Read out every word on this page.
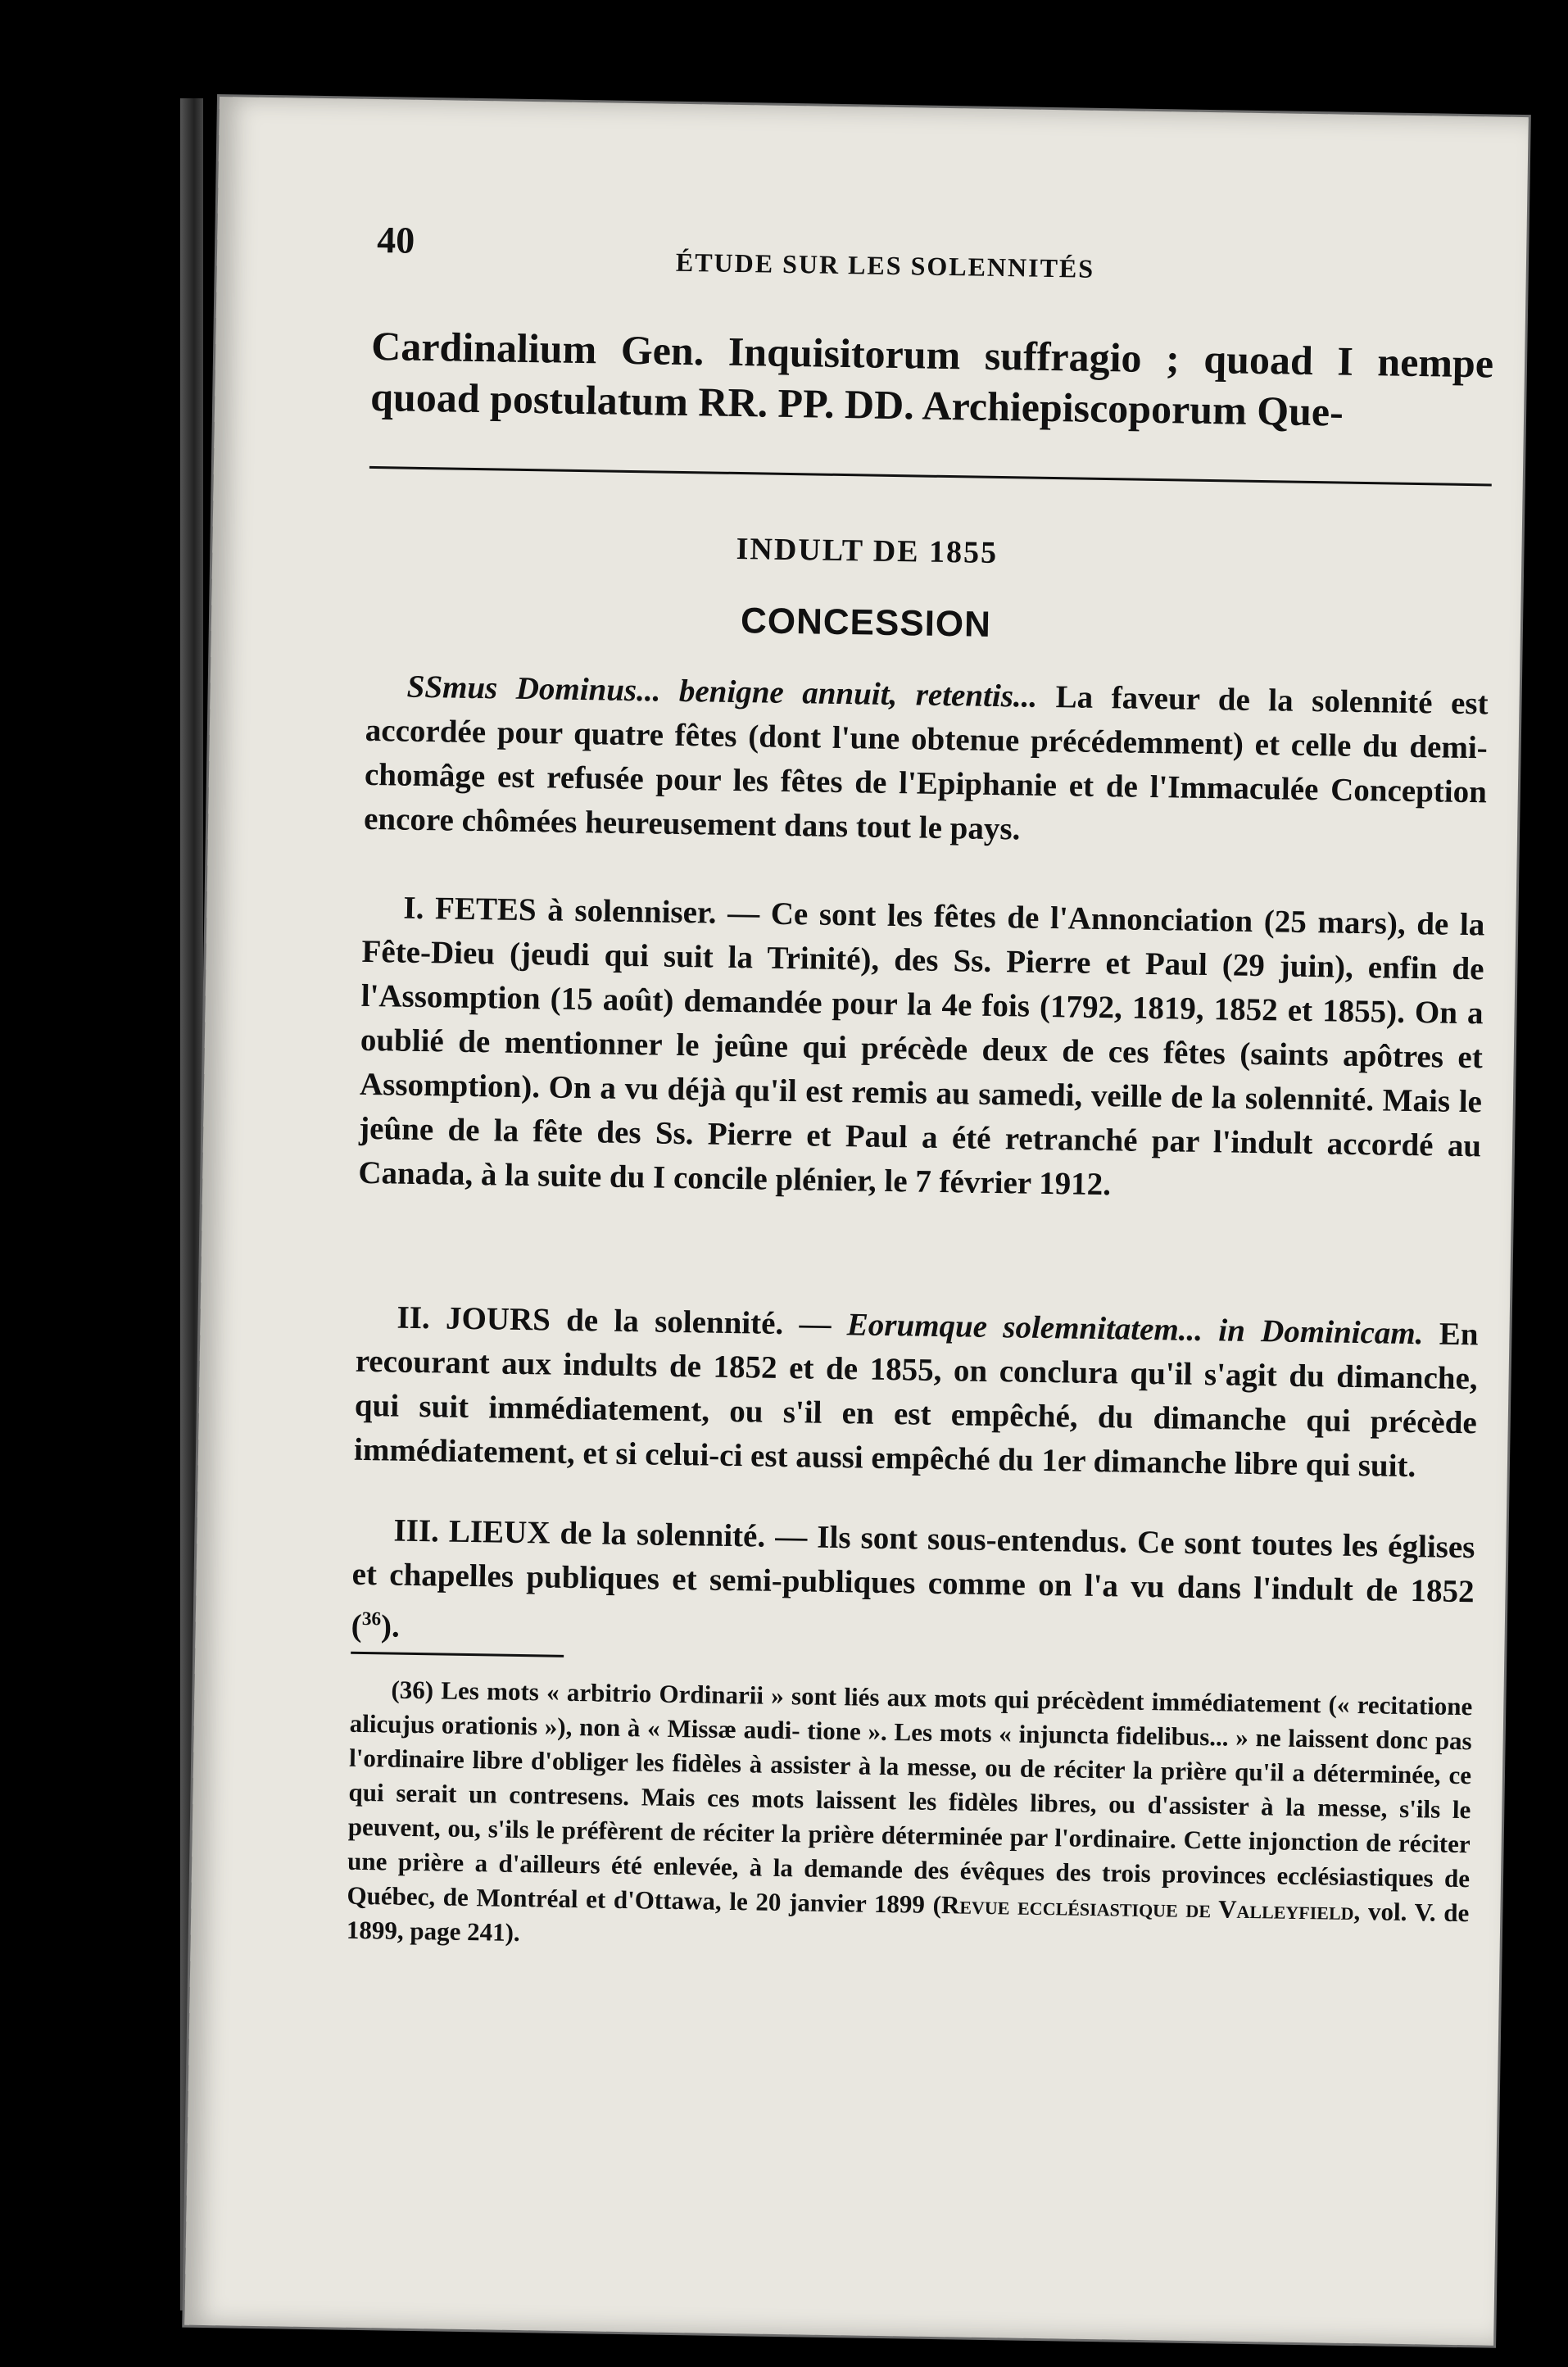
40
ÉTUDE SUR LES SOLENNITÉS
Cardinalium Gen. Inquisitorum suffragio ; quoad I nempe quoad postulatum RR. PP. DD. Archiepiscoporum Que-
INDULT DE 1855
CONCESSION

SSmus Dominus... benigne annuit, retentis... La faveur de la solennité est accordée pour quatre fêtes (dont l'une obtenue précédemment) et celle du demi-chomâge est refusée pour les fêtes de l'Epiphanie et de l'Immaculée Conception encore chômées heureusement dans tout le pays.

I. FETES à solenniser. — Ce sont les fêtes de l'Annonciation (25 mars), de la Fête-Dieu (jeudi qui suit la Trinité), des Ss. Pierre et Paul (29 juin), enfin de l'Assomption (15 août) demandée pour la 4e fois (1792, 1819, 1852 et 1855). On a oublié de mentionner le jeûne qui précède deux de ces fêtes (saints apôtres et Assomption). On a vu déjà qu'il est remis au samedi, veille de la solennité. Mais le jeûne de la fête des Ss. Pierre et Paul a été retranché par l'indult accordé au Canada, à la suite du I concile plénier, le 7 février 1912.

II. JOURS de la solennité. — Eorumque solemnitatem... in Dominicam. En recourant aux indults de 1852 et de 1855, on conclura qu'il s'agit du dimanche, qui suit immédiatement, ou s'il en est empêché, du dimanche qui précède immédiatement, et si celui-ci est aussi empêché du 1er dimanche libre qui suit.

III. LIEUX de la solennité. — Ils sont sous-entendus. Ce sont toutes les églises et chapelles publiques et semi-publiques comme on l'a vu dans l'indult de 1852 ($^{36}$).

(36) Les mots « arbitrio Ordinarii » sont liés aux mots qui précèdent immédiatement (« recitatione alicujus orationis »), non à « Missæ audi- tione ». Les mots « injuncta fidelibus... » ne laissent donc pas l'ordinaire libre d'obliger les fidèles à assister à la messe, ou de réciter la prière qu'il a déterminée, ce qui serait un contresens. Mais ces mots laissent les fidèles libres, ou d'assister à la messe, s'ils le peuvent, ou, s'ils le préfèrent de réciter la prière déterminée par l'ordinaire. Cette injonction de réciter une prière a d'ailleurs été enlevée, à la demande des évêques des trois provinces ecclésiastiques de Québec, de Montréal et d'Ottawa, le 20 janvier 1899 (Revue ecclésiastique de Valleyfield, vol. V. de 1899, page 241).
